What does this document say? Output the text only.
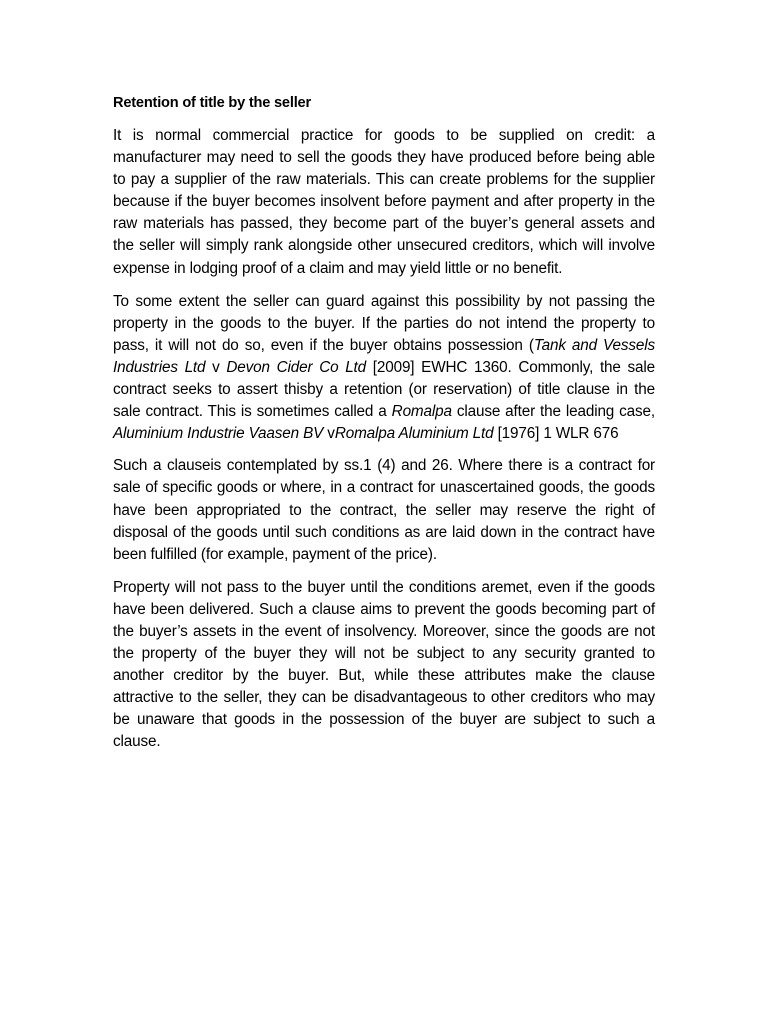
Retention of title by the seller

It is normal commercial practice for goods to be supplied on credit: a manufacturer may need to sell the goods they have produced before being able to pay a supplier of the raw materials. This can create problems for the supplier because if the buyer becomes insolvent before payment and after property in the raw materials has passed, they become part of the buyer’s general assets and the seller will simply rank alongside other unsecured creditors, which will involve expense in lodging proof of a claim and may yield little or no benefit.

To some extent the seller can guard against this possibility by not passing the property in the goods to the buyer. If the parties do not intend the property to pass, it will not do so, even if the buyer obtains possession (Tank and Vessels Industries Ltd v Devon Cider Co Ltd [2009] EWHC 1360. Commonly, the sale contract seeks to assert thisby a retention (or reservation) of title clause in the sale contract. This is sometimes called a Romalpa clause after the leading case, Aluminium Industrie Vaasen BV vRomalpa Aluminium Ltd [1976] 1 WLR 676

Such a clauseis contemplated by ss.1 (4) and 26. Where there is a contract for sale of specific goods or where, in a contract for unascertained goods, the goods have been appropriated to the contract, the seller may reserve the right of disposal of the goods until such conditions as are laid down in the contract have been fulfilled (for example, payment of the price).

Property will not pass to the buyer until the conditions aremet, even if the goods have been delivered. Such a clause aims to prevent the goods becoming part of the buyer’s assets in the event of insolvency. Moreover, since the goods are not the property of the buyer they will not be subject to any security granted to another creditor by the buyer. But, while these attributes make the clause attractive to the seller, they can be disadvantageous to other creditors who may be unaware that goods in the possession of the buyer are subject to such a clause.
